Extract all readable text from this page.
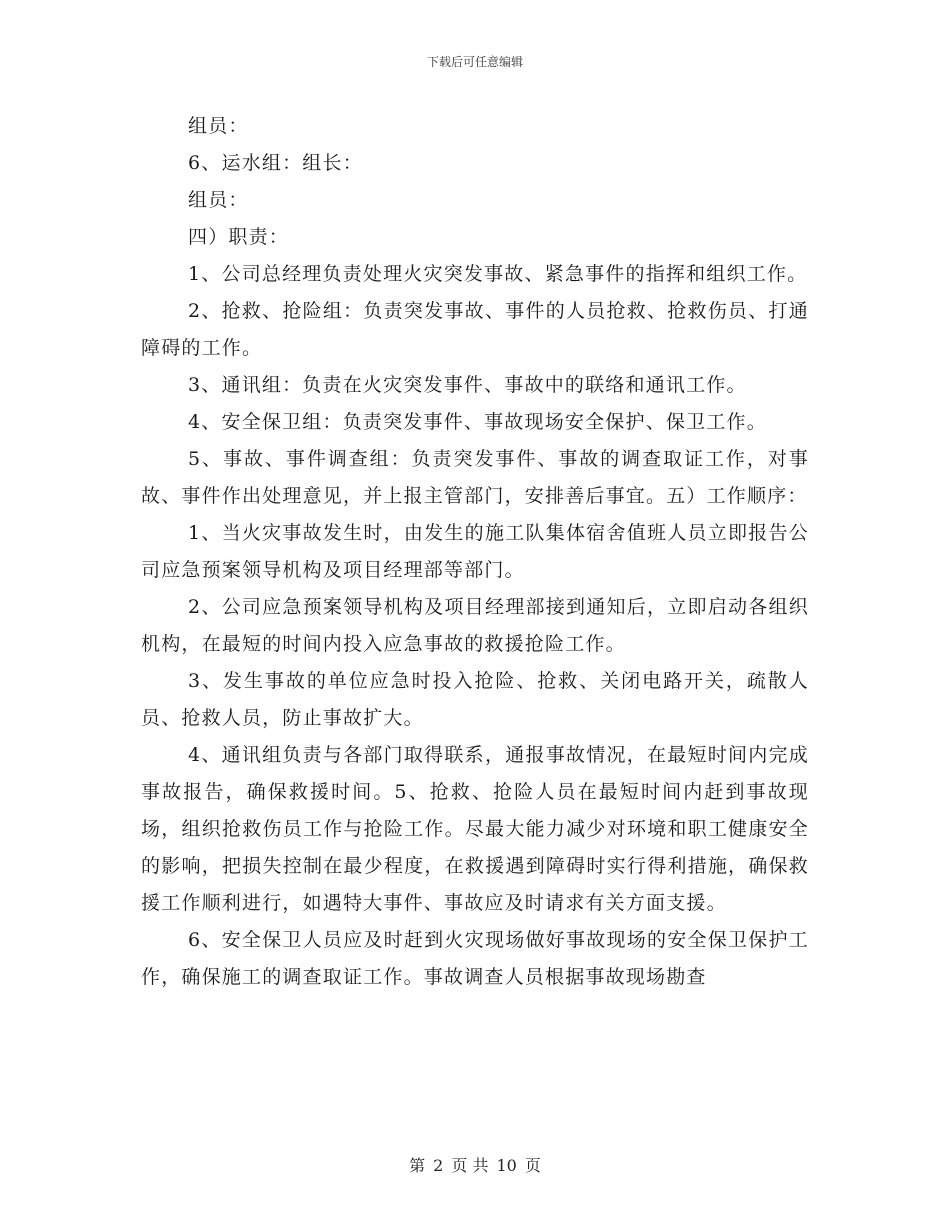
下载后可任意编辑

组员：

6、运水组：组长：

组员：

四）职责：

1、公司总经理负责处理火灾突发事故、紧急事件的指挥和组织工作。

2、抢救、抢险组：负责突发事故、事件的人员抢救、抢救伤员、打通障碍的工作。

3、通讯组：负责在火灾突发事件、事故中的联络和通讯工作。

4、安全保卫组：负责突发事件、事故现场安全保护、保卫工作。

5、事故、事件调查组：负责突发事件、事故的调查取证工作，对事故、事件作出处理意见，并上报主管部门，安排善后事宜。五）工作顺序：

1、当火灾事故发生时，由发生的施工队集体宿舍值班人员立即报告公司应急预案领导机构及项目经理部等部门。

2、公司应急预案领导机构及项目经理部接到通知后，立即启动各组织机构，在最短的时间内投入应急事故的救援抢险工作。

3、发生事故的单位应急时投入抢险、抢救、关闭电路开关，疏散人员、抢救人员，防止事故扩大。

4、通讯组负责与各部门取得联系，通报事故情况，在最短时间内完成事故报告，确保救援时间。5、抢救、抢险人员在最短时间内赶到事故现场，组织抢救伤员工作与抢险工作。尽最大能力减少对环境和职工健康安全的影响，把损失控制在最少程度，在救援遇到障碍时实行得利措施，确保救援工作顺利进行，如遇特大事件、事故应及时请求有关方面支援。

6、安全保卫人员应及时赶到火灾现场做好事故现场的安全保卫保护工作，确保施工的调查取证工作。事故调查人员根据事故现场勘查

第 2 页 共 10 页
